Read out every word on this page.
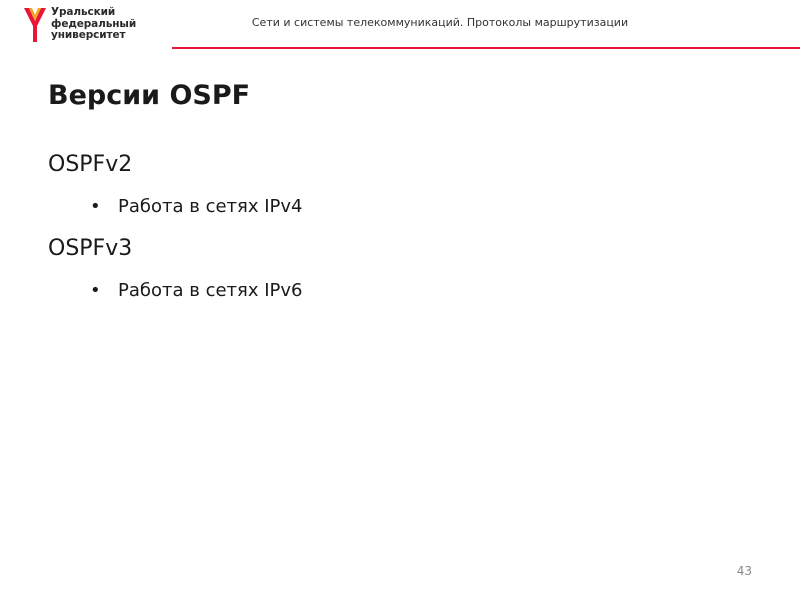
Уральский
федеральный
университет
Сети и системы телекоммуникаций. Протоколы маршрутизации
Версии OSPF
OSPFv2
• Работа в сетях IPv4
OSPFv3
• Работа в сетях IPv6
43
